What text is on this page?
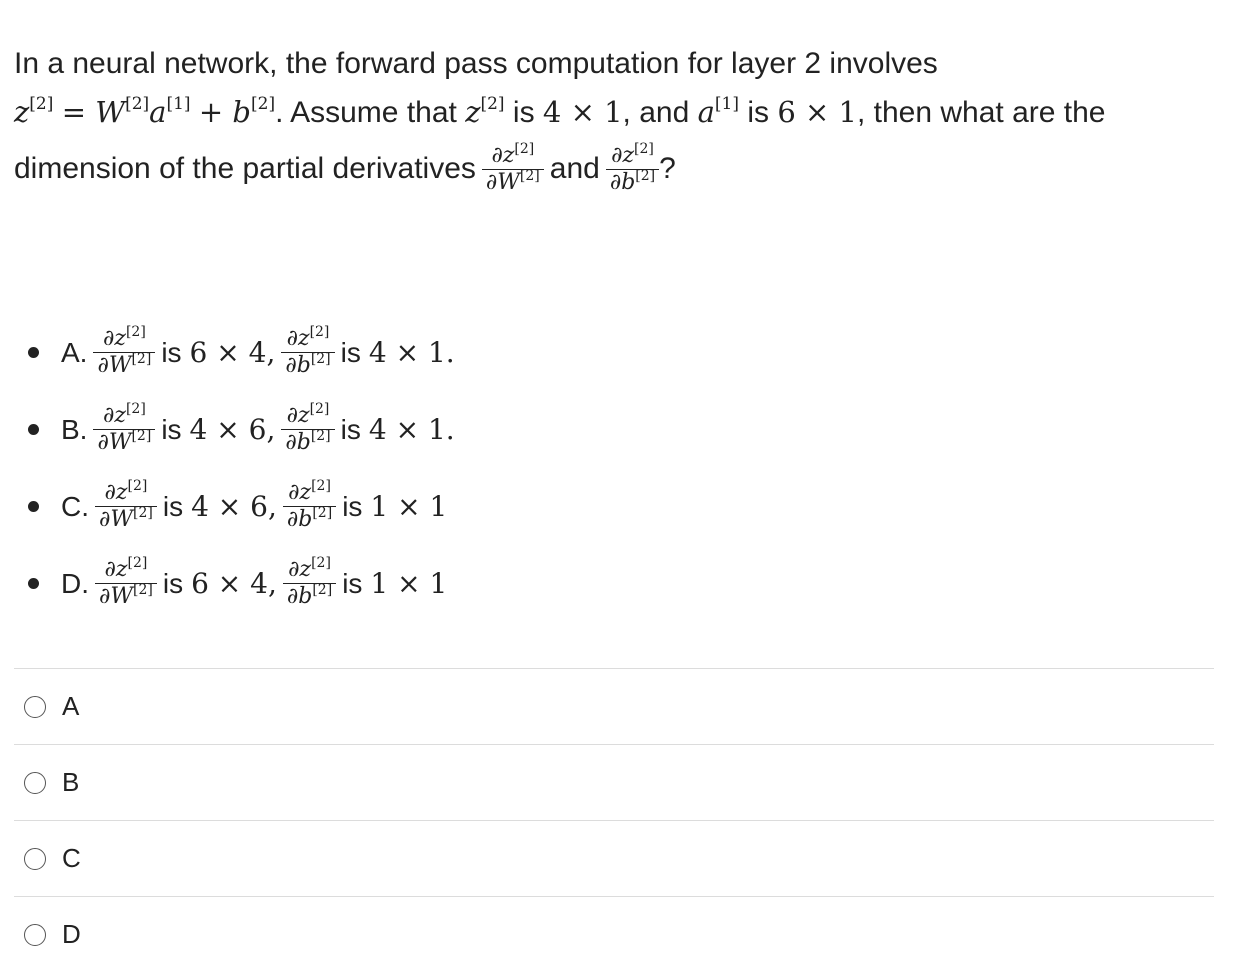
In a neural network, the forward pass computation for layer 2 involves
z[2] = W[2]a[1] + b[2]. Assume that z[2] is 4 × 1, and a[1] is 6 × 1, then what are the
dimension of the partial derivatives $\frac{\partial z^{[2]}}{\partial W^{[2]}}$ and $\frac{\partial z^{[2]}}{\partial b^{[2]}}$ ?
A. $\frac{\partial z^{[2]}}{\partial W^{[2]}}$ is 6 × 4, $\frac{\partial z^{[2]}}{\partial b^{[2]}}$ is 4 × 1.
B. $\frac{\partial z^{[2]}}{\partial W^{[2]}}$ is 4 × 6, $\frac{\partial z^{[2]}}{\partial b^{[2]}}$ is 4 × 1.
C. $\frac{\partial z^{[2]}}{\partial W^{[2]}}$ is 4 × 6, $\frac{\partial z^{[2]}}{\partial b^{[2]}}$ is 1 × 1
D. $\frac{\partial z^{[2]}}{\partial W^{[2]}}$ is 6 × 4, $\frac{\partial z^{[2]}}{\partial b^{[2]}}$ is 1 × 1
A
B
C
D
